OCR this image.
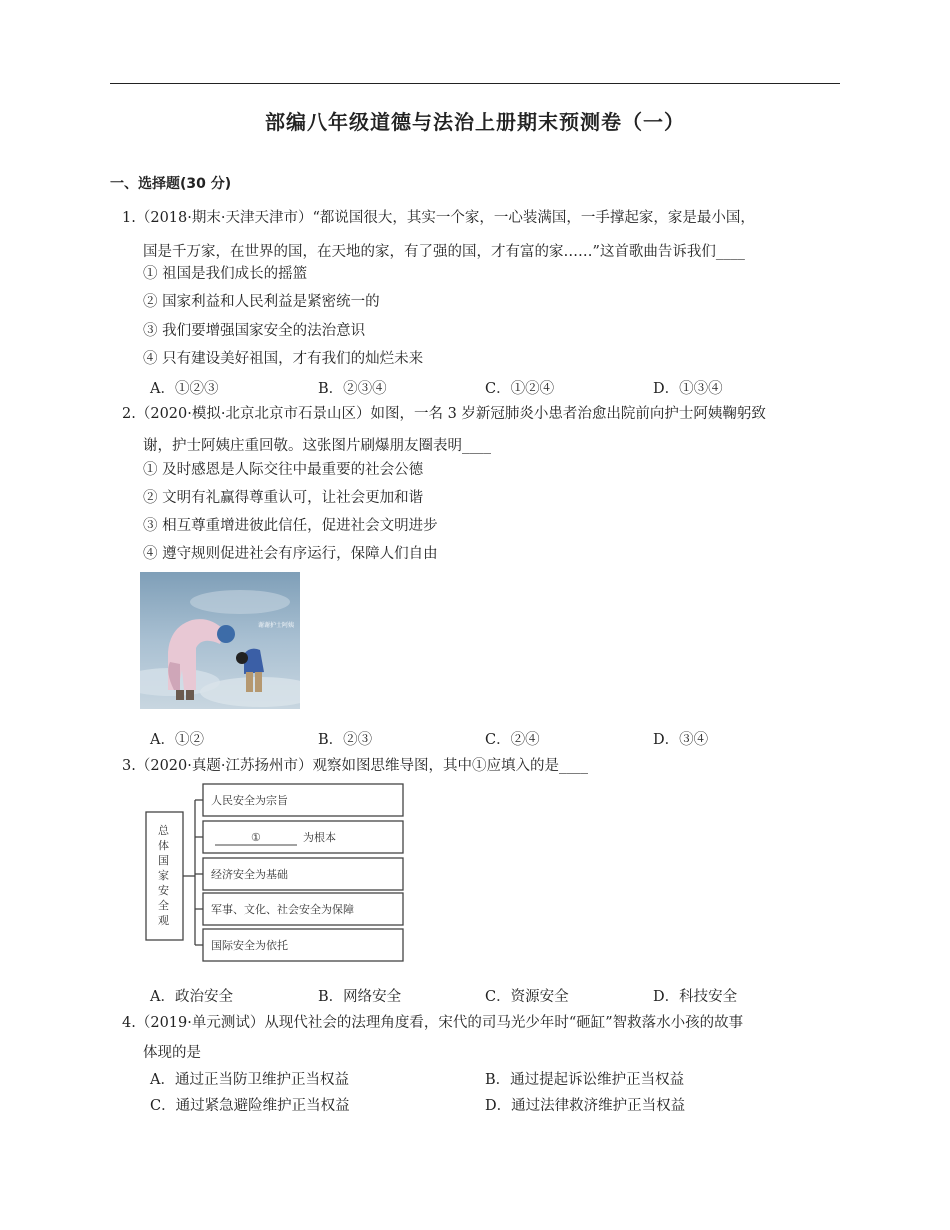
部编八年级道德与法治上册期末预测卷（一）
一、选择题(30 分)
1.（2018·期末·天津天津市）“都说国很大，其实一个家，一心装满国，一手撑起家，家是最小国，
国是千万家，在世界的国，在天地的家，有了强的国，才有富的家……”这首歌曲告诉我们____
① 祖国是我们成长的摇篮
② 国家利益和人民利益是紧密统一的
③ 我们要增强国家安全的法治意识
④ 只有建设美好祖国，才有我们的灿烂未来
A．①②③	B．②③④	C．①②④	D．①③④
2.（2020·模拟·北京北京市石景山区）如图，一名 3 岁新冠肺炎小患者治愈出院前向护士阿姨鞠躬致
谢，护士阿姨庄重回敬。这张图片刷爆朋友圈表明____
① 及时感恩是人际交往中最重要的社会公德
② 文明有礼赢得尊重认可，让社会更加和谐
③ 相互尊重增进彼此信任，促进社会文明进步
④ 遵守规则促进社会有序运行，保障人们自由
谢谢护士阿姨
A．①②	B．②③	C．②④	D．③④
3.（2020·真题·江苏扬州市）观察如图思维导图，其中①应填入的是____
总体国 家安全观
人民安全为宗旨
①	为根本
经济安全为基础
军事、文化、社会安全为保障
国际安全为依托
A．政治安全	B．网络安全	C．资源安全	D．科技安全
4.（2019·单元测试）从现代社会的法理角度看，宋代的司马光少年时“砸缸”智救落水小孩的故事
体现的是
A．通过正当防卫维护正当权益	B．通过提起诉讼维护正当权益
C．通过紧急避险维护正当权益	D．通过法律救济维护正当权益
